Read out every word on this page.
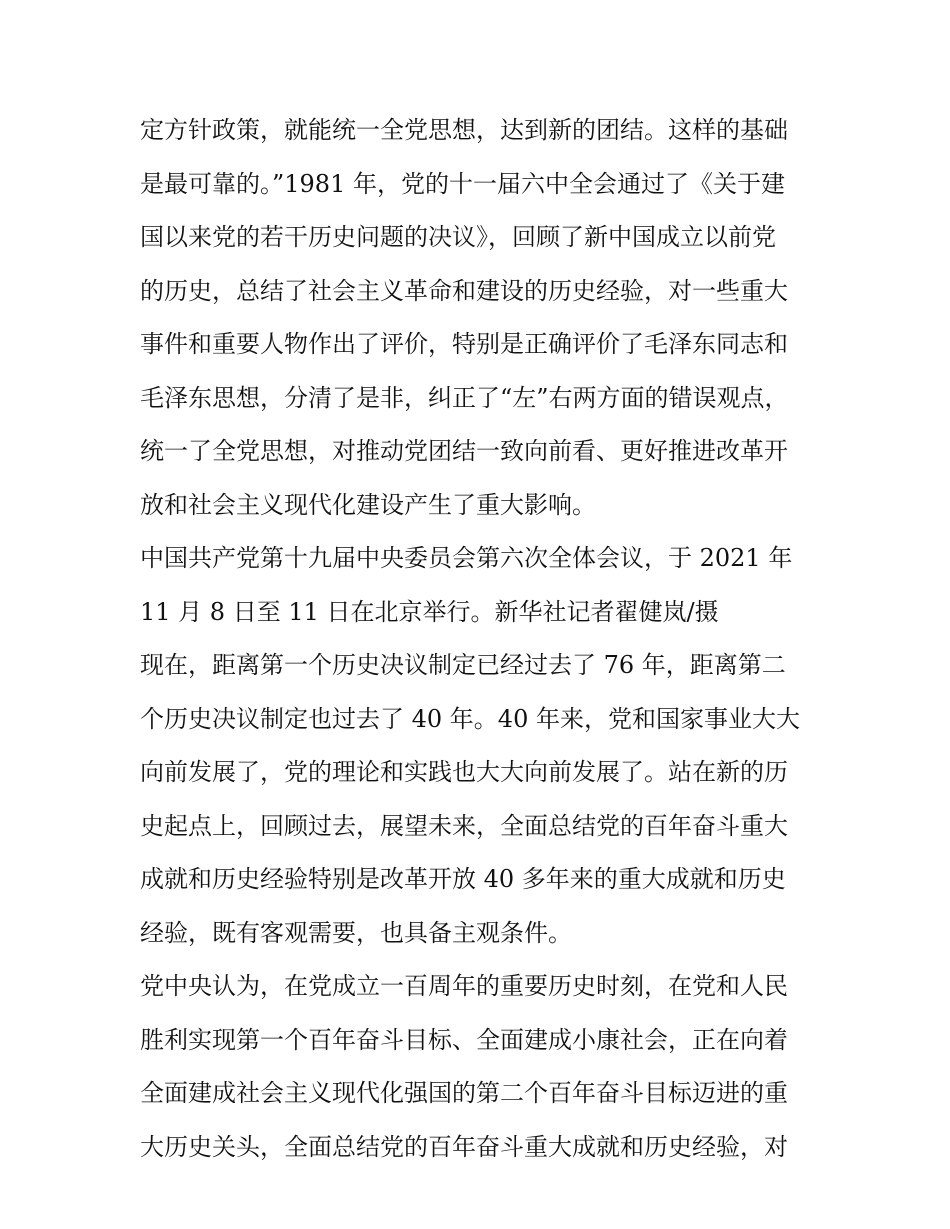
定方针政策，就能统一全党思想，达到新的团结。这样的基础
是最可靠的。”1981 年，党的十一届六中全会通过了《关于建
国以来党的若干历史问题的决议》，回顾了新中国成立以前党
的历史，总结了社会主义革命和建设的历史经验，对一些重大
事件和重要人物作出了评价，特别是正确评价了毛泽东同志和
毛泽东思想，分清了是非，纠正了“左”右两方面的错误观点，
统一了全党思想，对推动党团结一致向前看、更好推进改革开
放和社会主义现代化建设产生了重大影响。
中国共产党第十九届中央委员会第六次全体会议，于 2021 年
11 月 8 日至 11 日在北京举行。新华社记者翟健岚/摄
现在，距离第一个历史决议制定已经过去了 76 年，距离第二
个历史决议制定也过去了 40 年。40 年来，党和国家事业大大
向前发展了，党的理论和实践也大大向前发展了。站在新的历
史起点上，回顾过去，展望未来，全面总结党的百年奋斗重大
成就和历史经验特别是改革开放 40 多年来的重大成就和历史
经验，既有客观需要，也具备主观条件。
党中央认为，在党成立一百周年的重要历史时刻，在党和人民
胜利实现第一个百年奋斗目标、全面建成小康社会，正在向着
全面建成社会主义现代化强国的第二个百年奋斗目标迈进的重
大历史关头，全面总结党的百年奋斗重大成就和历史经验，对
